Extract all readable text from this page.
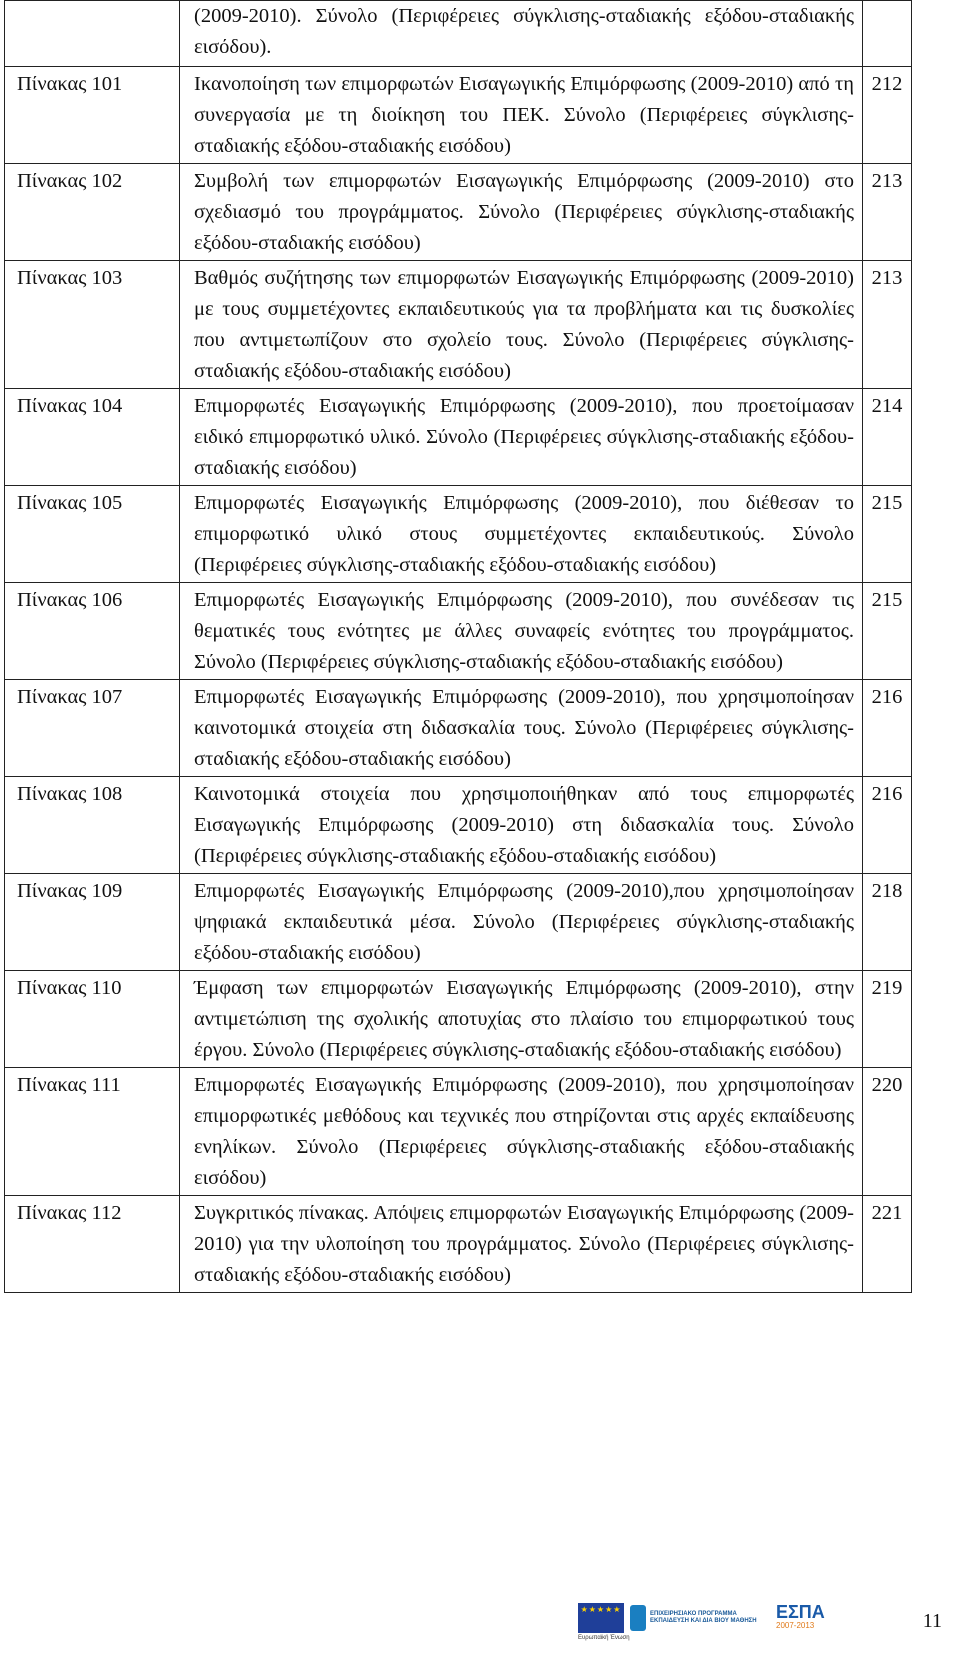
	(2009-2010). Σύνολο (Περιφέρειες σύγκλισης-σταδιακής εξόδου-σταδιακής εισόδου).	
Πίνακας 101	Ικανοποίηση των επιμορφωτών Εισαγωγικής Επιμόρφωσης (2009-2010) από τη συνεργασία με τη διοίκηση του ΠΕΚ. Σύνολο (Περιφέρειες σύγκλισης-σταδιακής εξόδου-σταδιακής εισόδου)	212
Πίνακας 102	Συμβολή των επιμορφωτών Εισαγωγικής Επιμόρφωσης (2009-2010) στο σχεδιασμό του προγράμματος. Σύνολο (Περιφέρειες σύγκλισης-σταδιακής εξόδου-σταδιακής εισόδου)	213
Πίνακας 103	Βαθμός συζήτησης των επιμορφωτών Εισαγωγικής Επιμόρφωσης (2009-2010) με τους συμμετέχοντες εκπαιδευτικούς για τα προβλήματα και τις δυσκολίες που αντιμετωπίζουν στο σχολείο τους. Σύνολο (Περιφέρειες σύγκλισης-σταδιακής εξόδου-σταδιακής εισόδου)	213
Πίνακας 104	Επιμορφωτές Εισαγωγικής Επιμόρφωσης (2009-2010), που προετοίμασαν ειδικό επιμορφωτικό υλικό. Σύνολο (Περιφέρειες σύγκλισης-σταδιακής εξόδου-σταδιακής εισόδου)	214
Πίνακας 105	Επιμορφωτές Εισαγωγικής Επιμόρφωσης (2009-2010), που διέθεσαν το επιμορφωτικό υλικό στους συμμετέχοντες εκπαιδευτικούς. Σύνολο (Περιφέρειες σύγκλισης-σταδιακής εξόδου-σταδιακής εισόδου)	215
Πίνακας 106	Επιμορφωτές Εισαγωγικής Επιμόρφωσης (2009-2010), που συνέδεσαν τις θεματικές τους ενότητες με άλλες συναφείς ενότητες του προγράμματος. Σύνολο (Περιφέρειες σύγκλισης-σταδιακής εξόδου-σταδιακής εισόδου)	215
Πίνακας 107	Επιμορφωτές Εισαγωγικής Επιμόρφωσης (2009-2010), που χρησιμοποίησαν καινοτομικά στοιχεία στη διδασκαλία τους. Σύνολο (Περιφέρειες σύγκλισης-σταδιακής εξόδου-σταδιακής εισόδου)	216
Πίνακας 108	Καινοτομικά στοιχεία που χρησιμοποιήθηκαν από τους επιμορφωτές Εισαγωγικής Επιμόρφωσης (2009-2010) στη διδασκαλία τους. Σύνολο (Περιφέρειες σύγκλισης-σταδιακής εξόδου-σταδιακής εισόδου)	216
Πίνακας 109	Επιμορφωτές Εισαγωγικής Επιμόρφωσης (2009-2010),που χρησιμοποίησαν ψηφιακά εκπαιδευτικά μέσα. Σύνολο (Περιφέρειες σύγκλισης-σταδιακής εξόδου-σταδιακής εισόδου)	218
Πίνακας 110	Έμφαση των επιμορφωτών Εισαγωγικής Επιμόρφωσης (2009-2010), στην αντιμετώπιση της σχολικής αποτυχίας στο πλαίσιο του επιμορφωτικού τους έργου. Σύνολο (Περιφέρειες σύγκλισης-σταδιακής εξόδου-σταδιακής εισόδου)	219
Πίνακας 111	Επιμορφωτές Εισαγωγικής Επιμόρφωσης (2009-2010), που χρησιμοποίησαν επιμορφωτικές μεθόδους και τεχνικές που στηρίζονται στις αρχές εκπαίδευσης ενηλίκων. Σύνολο (Περιφέρειες σύγκλισης-σταδιακής εξόδου-σταδιακής εισόδου)	220
Πίνακας 112	Συγκριτικός πίνακας. Απόψεις επιμορφωτών Εισαγωγικής Επιμόρφωσης (2009-2010) για την υλοποίηση του προγράμματος. Σύνολο (Περιφέρειες σύγκλισης-σταδιακής εξόδου-σταδιακής εισόδου)	221
★★★★★
Ευρωπαϊκή Ένωση
ΕΠΙΧΕΙΡΗΣΙΑΚΟ ΠΡΟΓΡΑΜΜΑ ΕΚΠΑΙΔΕΥΣΗ ΚΑΙ ΔΙΑ ΒΙΟΥ ΜΑΘΗΣΗ	ΕΣΠΑ
2007-2013	11
